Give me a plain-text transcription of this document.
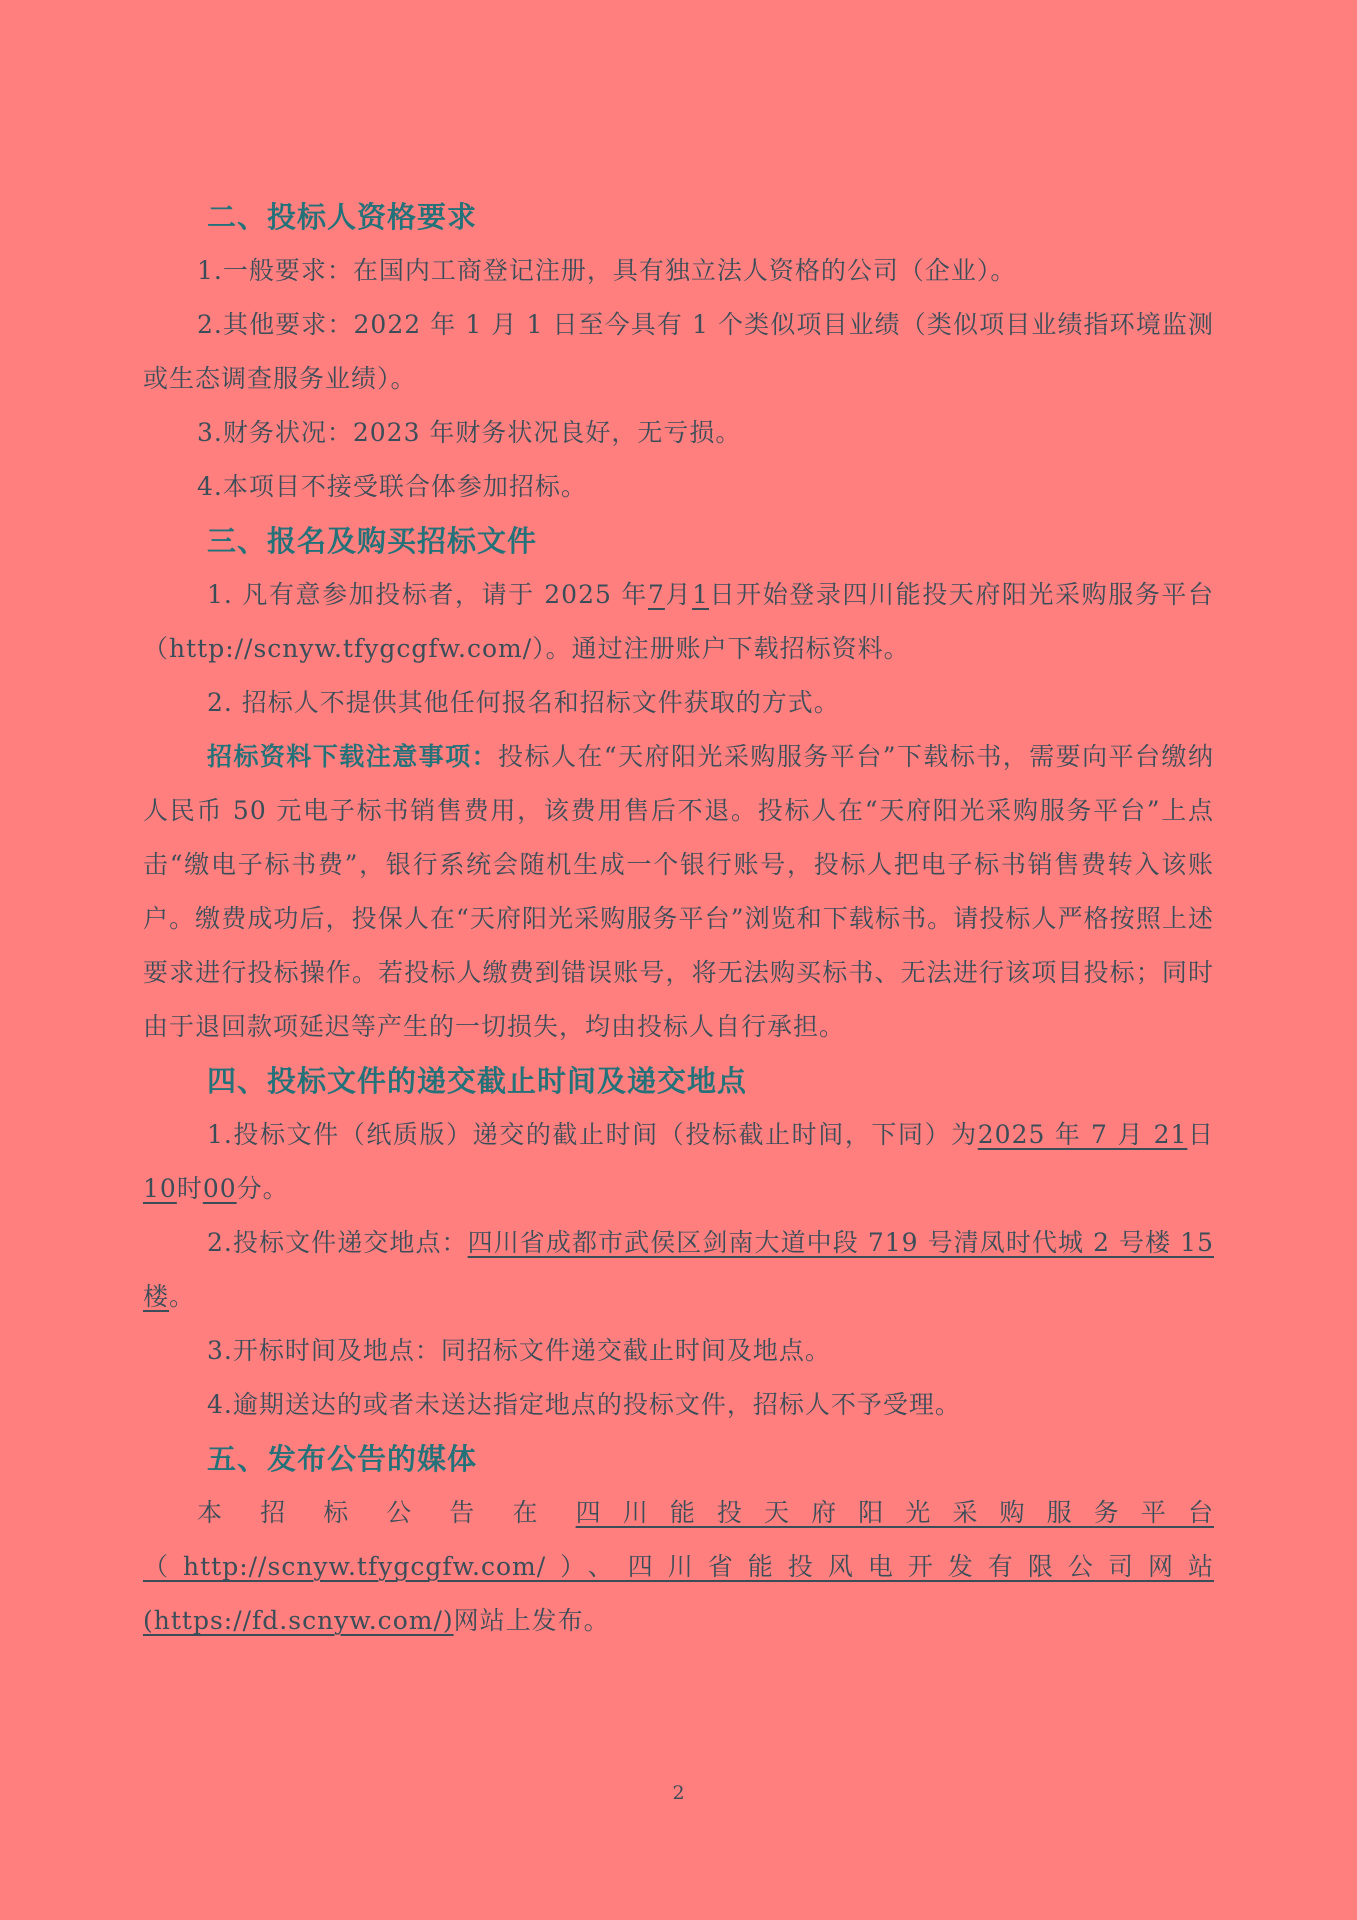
二、投标人资格要求

1.一般要求：在国内工商登记注册，具有独立法人资格的公司（企业）。

2.其他要求：2022 年 1 月 1 日至今具有 1 个类似项目业绩（类似项目业绩指环境监测或生态调查服务业绩）。

3.财务状况：2023 年财务状况良好，无亏损。

4.本项目不接受联合体参加招标。

三、报名及购买招标文件

1. 凡有意参加投标者，请于 2025 年7月1日开始登录四川能投天府阳光采购服务平台（http://scnyw.tfygcgfw.com/）。通过注册账户下载招标资料。

2. 招标人不提供其他任何报名和招标文件获取的方式。

招标资料下载注意事项：投标人在“天府阳光采购服务平台”下载标书，需要向平台缴纳人民币 50 元电子标书销售费用，该费用售后不退。投标人在“天府阳光采购服务平台”上点击“缴电子标书费”，银行系统会随机生成一个银行账号，投标人把电子标书销售费转入该账户。缴费成功后，投保人在“天府阳光采购服务平台”浏览和下载标书。请投标人严格按照上述要求进行投标操作。若投标人缴费到错误账号，将无法购买标书、无法进行该项目投标；同时由于退回款项延迟等产生的一切损失，均由投标人自行承担。

四、投标文件的递交截止时间及递交地点

1.投标文件（纸质版）递交的截止时间（投标截止时间，下同）为2025 年 7 月 21日10时00分。

2.投标文件递交地点：四川省成都市武侯区剑南大道中段 719 号清凤时代城 2 号楼 15 楼。

3.开标时间及地点：同招标文件递交截止时间及地点。

4.逾期送达的或者未送达指定地点的投标文件，招标人不予受理。

五、发布公告的媒体

本招标公告在四川能投天府阳光采购服务平台（http://scnyw.tfygcgfw.com/）、四川省能投风电开发有限公司网站(https://fd.scnyw.com/)网站上发布。

2
